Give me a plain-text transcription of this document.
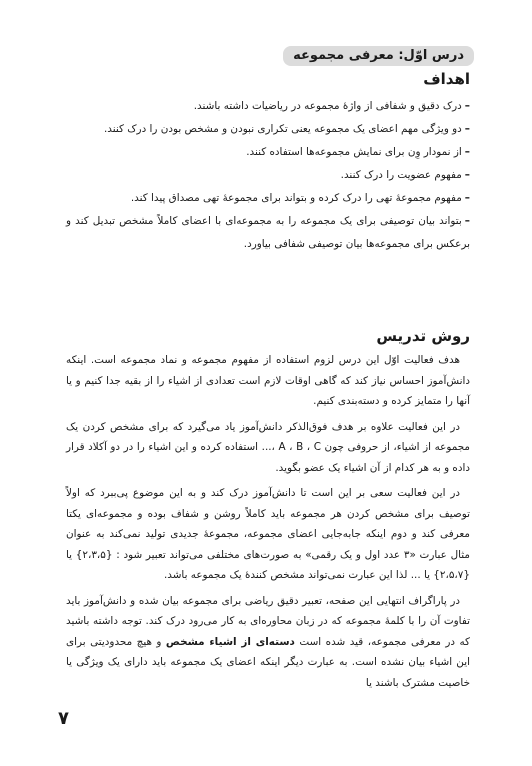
درس اوّل: معرفی مجموعه
اهداف
–درک دقیق و شفافی از واژهٔ مجموعه در ریاضیات داشته باشند.
–دو ویژگی مهم اعضای یک مجموعه یعنی تکراری نبودن و مشخص بودن را درک کنند.
–از نمودار وِن برای نمایش مجموعه‌ها استفاده کنند.
–مفهوم عضویت را درک کنند.
–مفهوم مجموعهٔ تهی را درک کرده و بتواند برای مجموعهٔ تهی مصداق پیدا کند.
–بتواند بیان توصیفی برای یک مجموعه را به مجموعه‌ای با اعضای کاملاً مشخص تبدیل کند و برعکس برای مجموعه‌ها بیان توصیفی شفافی بیاورد.
روش تدریس

هدف فعالیت اوّل این درس لزوم استفاده از مفهوم مجموعه و نماد مجموعه است. اینکه دانش‌آموز احساس نیاز کند که گاهی اوقات لازم است تعدادی از اشیاء را از بقیه جدا کنیم و یا آنها را متمایز کرده و دسته‌بندی کنیم.

در این فعالیت علاوه بر هدف فوق‌الذکر دانش‌آموز یاد می‌گیرد که برای مشخص کردن یک مجموعه از اشیاء، از حروفی چون A ، B ، C ،... استفاده کرده و این اشیاء را در دو آکلاد قرار داده و به هر کدام از آن اشیاء یک عضو بگوید.

در این فعالیت سعی بر این است تا دانش‌آموز درک کند و به این موضوع پی‌ببرد که اولاً توصیف برای مشخص کردن هر مجموعه باید کاملاً روشن و شفاف بوده و مجموعه‌ای یکتا معرفی کند و دوم اینکه جابه‌جایی اعضای مجموعه، مجموعهٔ جدیدی تولید نمی‌کند به عنوان مثال عبارت «۳ عدد اول و یک رقمی» به صورت‌های مختلفی می‌تواند تعبیر شود : {۲،۳،۵} یا {۲،۵،۷} یا ... لذا این عبارت نمی‌تواند مشخص کنندهٔ یک مجموعه باشد.

در پاراگراف انتهایی این صفحه، تعبیر دقیق ریاضی برای مجموعه بیان شده و دانش‌آموز باید تفاوت آن را با کلمهٔ مجموعه که در زبان محاوره‌ای به کار می‌رود درک کند. توجه داشته باشید که در معرفی مجموعه، قید شده است دسته‌ای از اشیاء مشخص و هیچ محدودیتی برای این اشیاء بیان نشده است. به عبارت دیگر اینکه اعضای یک مجموعه باید دارای یک ویژگی یا خاصیت مشترک باشند یا

۷
